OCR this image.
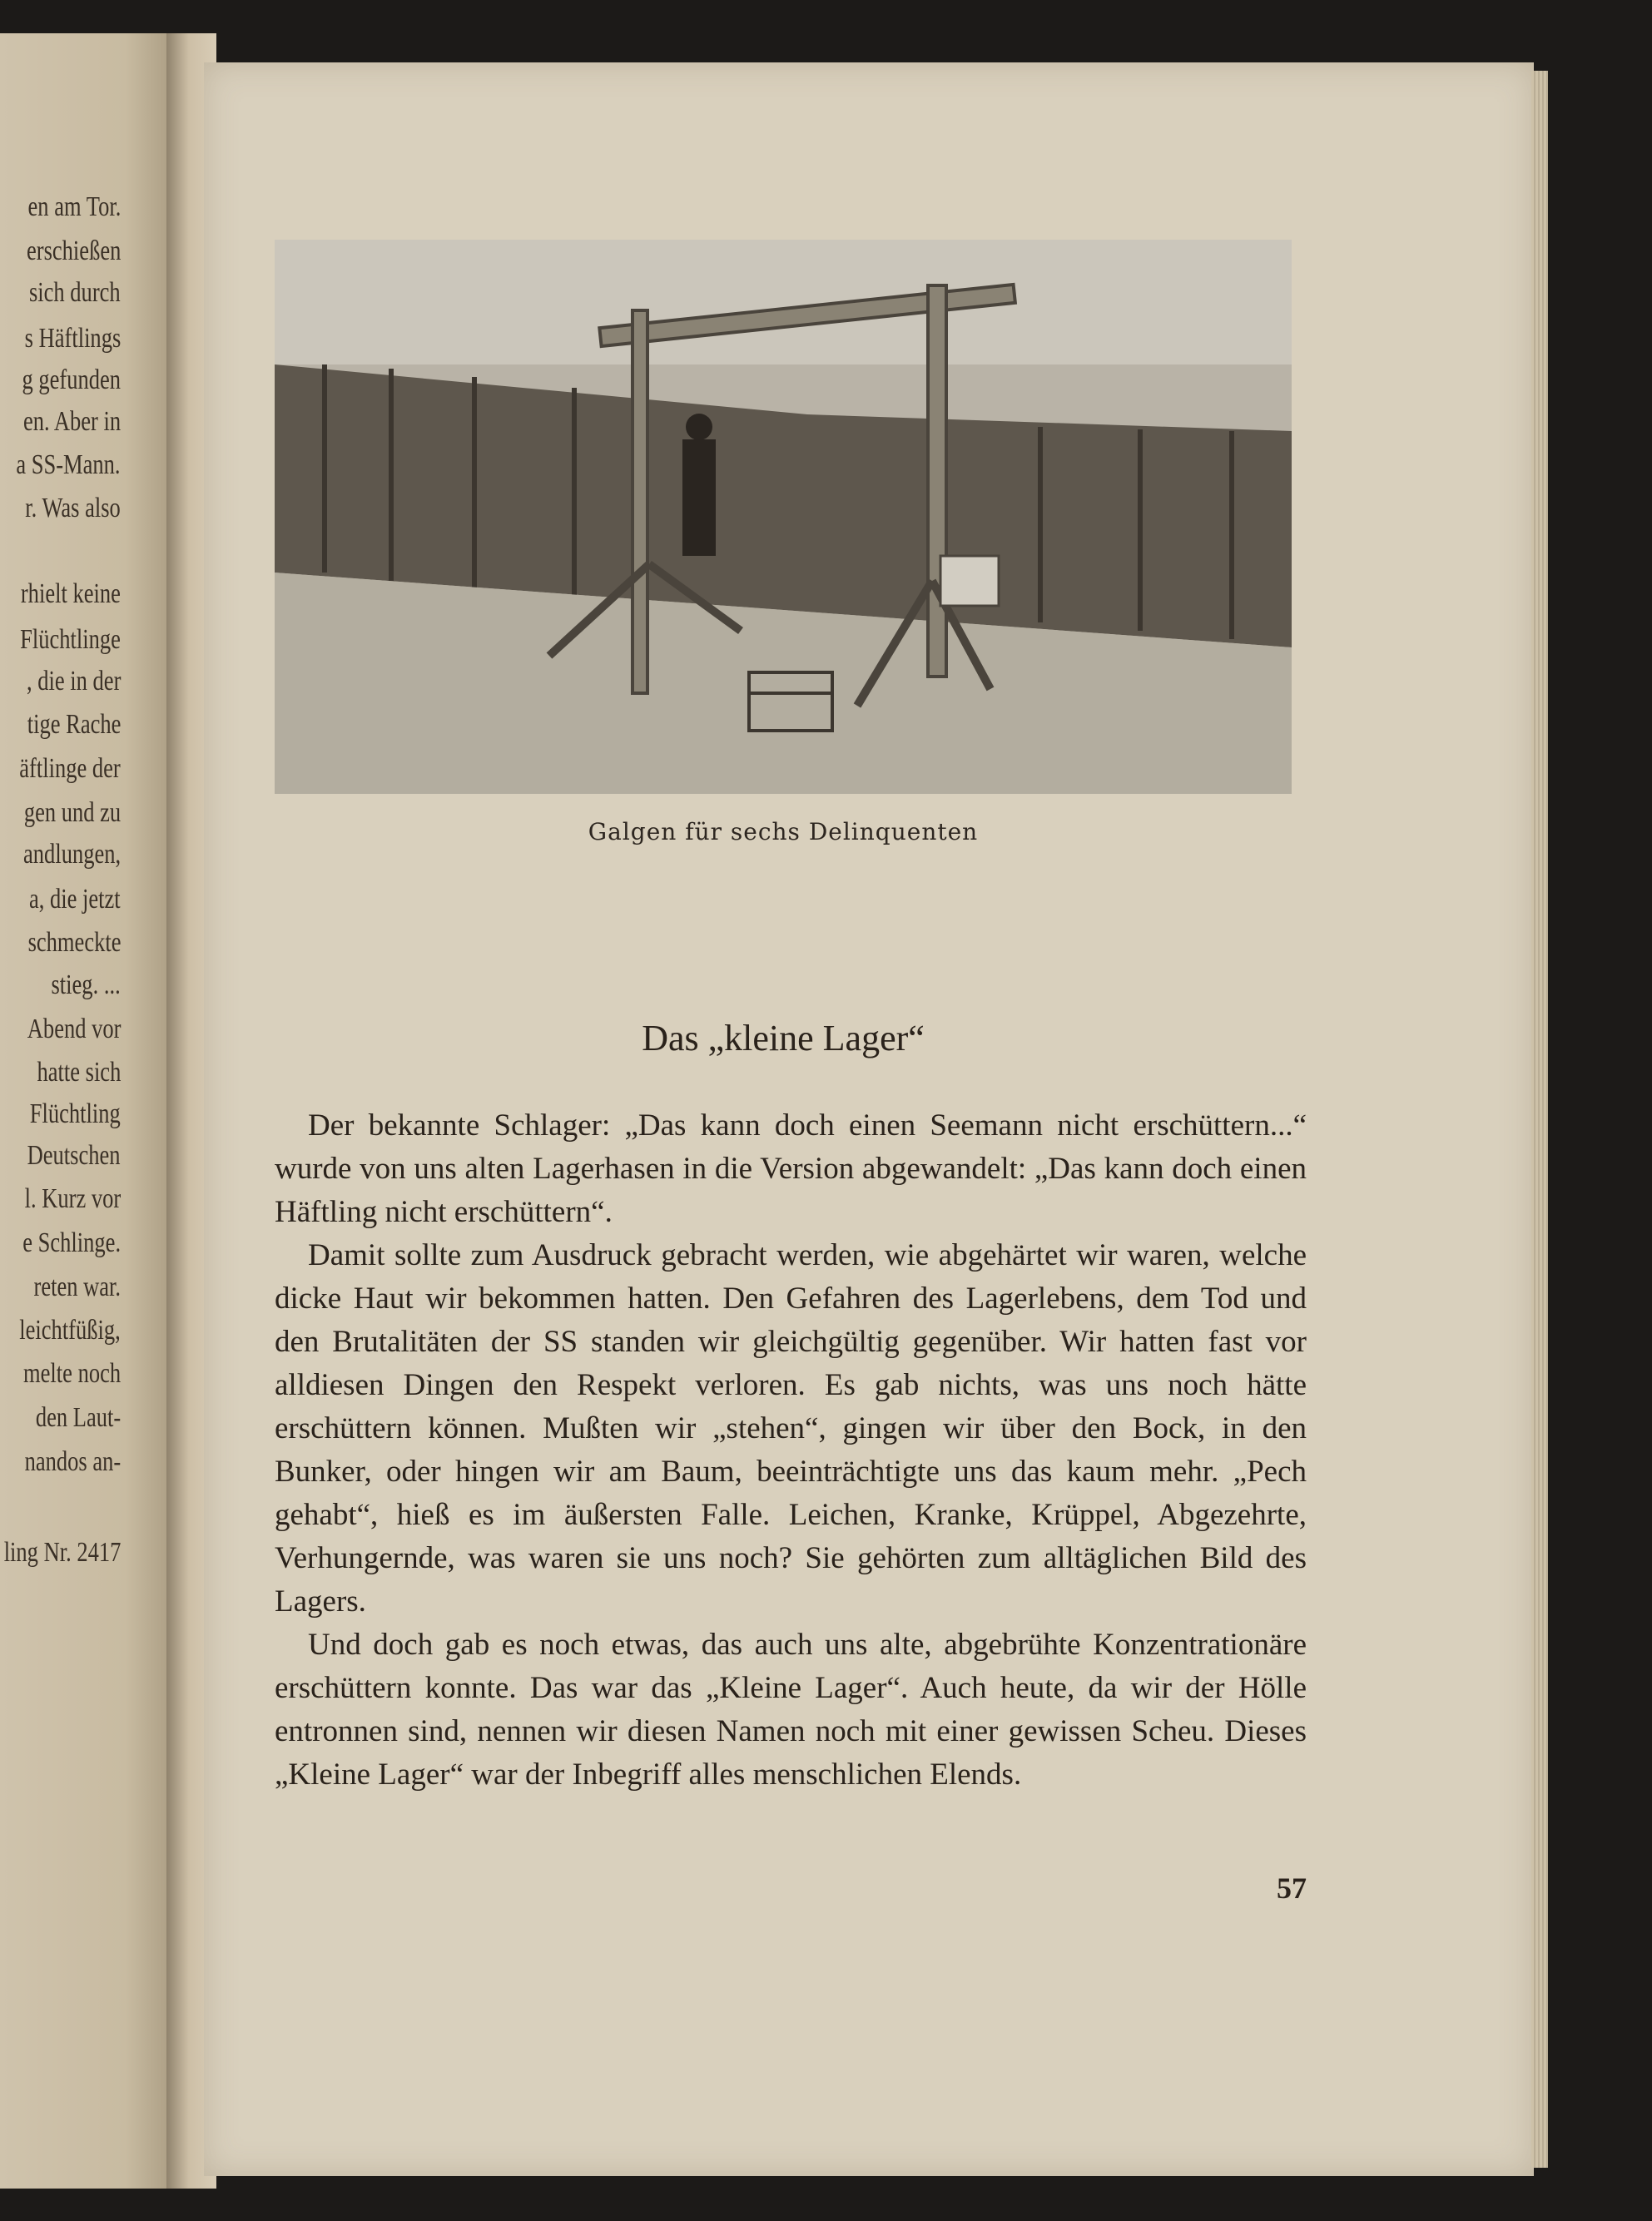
en am Tor.
erschießen
sich durch
s Häftlings
g gefunden
en. Aber in
a SS-Mann.
r. Was also
rhielt keine
Flüchtlinge
, die in der
tige Rache
äftlinge der
gen und zu
andlungen,
a, die jetzt
schmeckte
stieg. ...
Abend vor
hatte sich
Flüchtling
Deutschen
l. Kurz vor
e Schlinge.
reten war.
leichtfüßig,
melte noch
den Laut-
nandos an-
ling Nr. 2417
Galgen für sechs Delinquenten
Das „kleine Lager“

Der bekannte Schlager: „Das kann doch einen Seemann nicht erschüttern...“ wurde von uns alten Lagerhasen in die Version abgewandelt: „Das kann doch einen Häftling nicht erschüttern“.

Damit sollte zum Ausdruck gebracht werden, wie abgehärtet wir waren, welche dicke Haut wir bekommen hatten. Den Gefahren des Lagerlebens, dem Tod und den Brutalitäten der SS standen wir gleichgültig gegenüber. Wir hatten fast vor alldiesen Dingen den Respekt verloren. Es gab nichts, was uns noch hätte erschüttern können. Mußten wir „stehen“, gingen wir über den Bock, in den Bunker, oder hingen wir am Baum, beeinträchtigte uns das kaum mehr. „Pech gehabt“, hieß es im äußersten Falle. Leichen, Kranke, Krüppel, Abgezehrte, Verhungernde, was waren sie uns noch? Sie gehörten zum alltäglichen Bild des Lagers.

Und doch gab es noch etwas, das auch uns alte, abgebrühte Konzentrationäre erschüttern konnte. Das war das „Kleine Lager“. Auch heute, da wir der Hölle entronnen sind, nennen wir diesen Namen noch mit einer gewissen Scheu. Dieses „Kleine Lager“ war der Inbegriff alles menschlichen Elends.

57
